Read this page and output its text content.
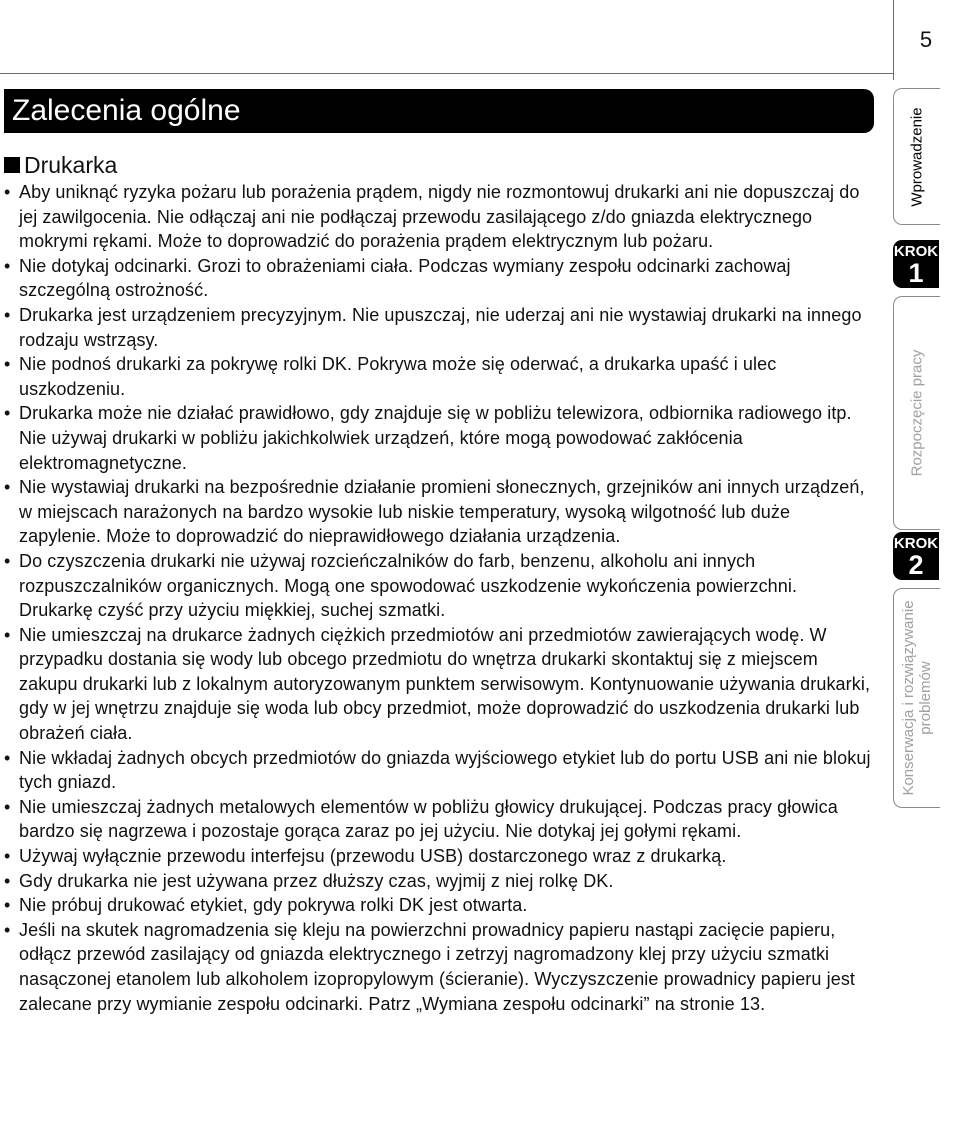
5
Zalecenia ogólne
Drukarka
• Aby uniknąć ryzyka pożaru lub porażenia prądem, nigdy nie rozmontowuj drukarki ani nie dopuszczaj do jej zawilgocenia. Nie odłączaj ani nie podłączaj przewodu zasilającego z/do gniazda elektrycznego mokrymi rękami. Może to doprowadzić do porażenia prądem elektrycznym lub pożaru.
• Nie dotykaj odcinarki. Grozi to obrażeniami ciała. Podczas wymiany zespołu odcinarki zachowaj szczególną ostrożność.
• Drukarka jest urządzeniem precyzyjnym. Nie upuszczaj, nie uderzaj ani nie wystawiaj drukarki na innego rodzaju wstrząsy.
• Nie podnoś drukarki za pokrywę rolki DK. Pokrywa może się oderwać, a drukarka upaść i ulec uszkodzeniu.
• Drukarka może nie działać prawidłowo, gdy znajduje się w pobliżu telewizora, odbiornika radiowego itp. Nie używaj drukarki w pobliżu jakichkolwiek urządzeń, które mogą powodować zakłócenia elektromagnetyczne.
• Nie wystawiaj drukarki na bezpośrednie działanie promieni słonecznych, grzejników ani innych urządzeń, w miejscach narażonych na bardzo wysokie lub niskie temperatury, wysoką wilgotność lub duże zapylenie. Może to doprowadzić do nieprawidłowego działania urządzenia.
• Do czyszczenia drukarki nie używaj rozcieńczalników do farb, benzenu, alkoholu ani innych rozpuszczalników organicznych. Mogą one spowodować uszkodzenie wykończenia powierzchni. Drukarkę czyść przy użyciu miękkiej, suchej szmatki.
• Nie umieszczaj na drukarce żadnych ciężkich przedmiotów ani przedmiotów zawierających wodę. W przypadku dostania się wody lub obcego przedmiotu do wnętrza drukarki skontaktuj się z miejscem zakupu drukarki lub z lokalnym autoryzowanym punktem serwisowym. Kontynuowanie używania drukarki, gdy w jej wnętrzu znajduje się woda lub obcy przedmiot, może doprowadzić do uszkodzenia drukarki lub obrażeń ciała.
• Nie wkładaj żadnych obcych przedmiotów do gniazda wyjściowego etykiet lub do portu USB ani nie blokuj tych gniazd.
• Nie umieszczaj żadnych metalowych elementów w pobliżu głowicy drukującej. Podczas pracy głowica bardzo się nagrzewa i pozostaje gorąca zaraz po jej użyciu. Nie dotykaj jej gołymi rękami.
• Używaj wyłącznie przewodu interfejsu (przewodu USB) dostarczonego wraz z drukarką.
• Gdy drukarka nie jest używana przez dłuższy czas, wyjmij z niej rolkę DK.
• Nie próbuj drukować etykiet, gdy pokrywa rolki DK jest otwarta.
• Jeśli na skutek nagromadzenia się kleju na powierzchni prowadnicy papieru nastąpi zacięcie papieru, odłącz przewód zasilający od gniazda elektrycznego i zetrzyj nagromadzony klej przy użyciu szmatki nasączonej etanolem lub alkoholem izopropylowym (ścieranie). Wyczyszczenie prowadnicy papieru jest zalecane przy wymianie zespołu odcinarki. Patrz „Wymiana zespołu odcinarki” na stronie 13.
Wprowadzenie
KROK
1
Rozpoczęcie pracy
KROK
2
Konserwacja i rozwiązywanie problemów
